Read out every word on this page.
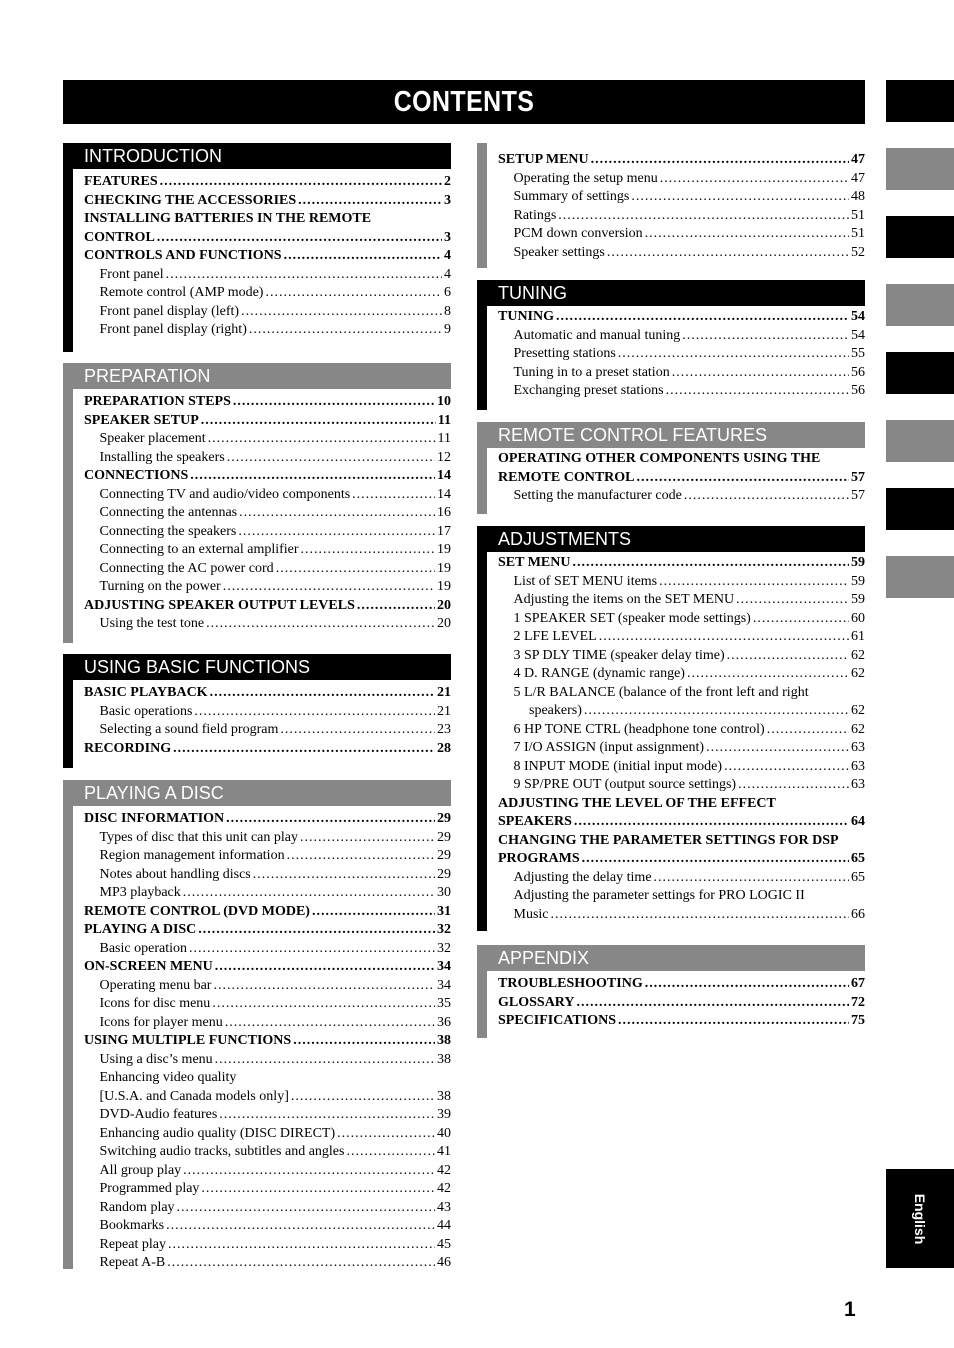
CONTENTS
English
INTRODUCTION
FEATURES .....	2
CHECKING THE ACCESSORIES .....	3
INSTALLING BATTERIES IN THE REMOTE
CONTROL .....	3
CONTROLS AND FUNCTIONS .....	4
Front panel .....	4
Remote control (AMP mode) .....	6
Front panel display (left) .....	8
Front panel display (right) .....	9
PREPARATION
PREPARATION STEPS .....	10
SPEAKER SETUP .....	11
Speaker placement .....	11
Installing the speakers .....	12
CONNECTIONS .....	14
Connecting TV and audio/video components .....	14
Connecting the antennas .....	16
Connecting the speakers .....	17
Connecting to an external amplifier .....	19
Connecting the AC power cord .....	19
Turning on the power .....	19
ADJUSTING SPEAKER OUTPUT LEVELS .....	20
Using the test tone .....	20
USING BASIC FUNCTIONS
BASIC PLAYBACK .....	21
Basic operations .....	21
Selecting a sound field program .....	23
RECORDING .....	28
PLAYING A DISC
DISC INFORMATION .....	29
Types of disc that this unit can play .....	29
Region management information .....	29
Notes about handling discs .....	29
MP3 playback .....	30
REMOTE CONTROL (DVD MODE) .....	31
PLAYING A DISC .....	32
Basic operation .....	32
ON-SCREEN MENU .....	34
Operating menu bar .....	34
Icons for disc menu .....	35
Icons for player menu .....	36
USING MULTIPLE FUNCTIONS .....	38
Using a disc’s menu .....	38
Enhancing video quality
[U.S.A. and Canada models only] .....	38
DVD-Audio features .....	39
Enhancing audio quality (DISC DIRECT) .....	40
Switching audio tracks, subtitles and angles .....	41
All group play .....	42
Programmed play .....	42
Random play .....	43
Bookmarks .....	44
Repeat play .....	45
Repeat A-B .....	46
SETUP MENU .....	47
Operating the setup menu .....	47
Summary of settings .....	48
Ratings .....	51
PCM down conversion .....	51
Speaker settings .....	52
TUNING
TUNING .....	54
Automatic and manual tuning .....	54
Presetting stations .....	55
Tuning in to a preset station .....	56
Exchanging preset stations .....	56
REMOTE CONTROL FEATURES
OPERATING OTHER COMPONENTS USING THE
REMOTE CONTROL .....	57
Setting the manufacturer code .....	57
ADJUSTMENTS
SET MENU .....	59
List of SET MENU items .....	59
Adjusting the items on the SET MENU .....	59
1 SPEAKER SET (speaker mode settings) .....	60
2 LFE LEVEL .....	61
3 SP DLY TIME (speaker delay time) .....	62
4 D. RANGE (dynamic range) .....	62
5 L/R BALANCE (balance of the front left and right
speakers) .....	62
6 HP TONE CTRL (headphone tone control) .....	62
7 I/O ASSIGN (input assignment) .....	63
8 INPUT MODE (initial input mode) .....	63
9 SP/PRE OUT (output source settings) .....	63
ADJUSTING THE LEVEL OF THE EFFECT
SPEAKERS .....	64
CHANGING THE PARAMETER SETTINGS FOR DSP
PROGRAMS .....	65
Adjusting the delay time .....	65
Adjusting the parameter settings for PRO LOGIC II
Music .....	66
APPENDIX
TROUBLESHOOTING .....	67
GLOSSARY .....	72
SPECIFICATIONS .....	75
1
